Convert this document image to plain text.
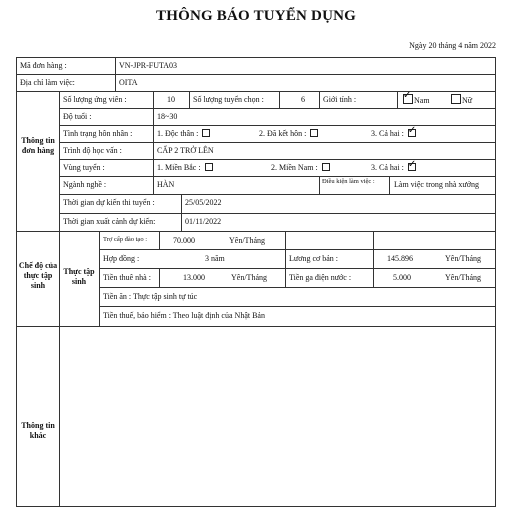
THÔNG BÁO TUYỂN DỤNG
Ngày 20 tháng 4 năm 2022
Mã đơn hàng :	VN-JPR-FUTA03
Địa chỉ làm việc:	OITA
Thông tin đơn hàng
Chế độ của thực tập sinh
Thực tập sinh
Thông tin khác
Số lượng ứng viên :	10 Số lượng tuyển chọn :	6 Giới tính :
✓	Nam	Nữ
Độ tuổi :	18~30
Tình trạng hôn nhân :	1. Độc thân :	2. Đã kết hôn :	3. Cả hai :✓
Trình độ học vấn :	CẤP 2 TRỞ LÊN
Vùng tuyển :	1. Miền Bắc :	2. Miền Nam :	3. Cả hai :✓
Ngành nghề :	HÀN	Điều kiện làm việc :	Làm việc trong nhà xưởng
Thời gian dự kiến thi tuyển :	25/05/2022
Thời gian xuất cảnh dự kiến:	01/11/2022
Trợ cấp đào tạo :	70.000	Yên/Tháng
Hợp đồng :	3 năm	Lương cơ bản :	145.896	Yên/Tháng
Tiền thuê nhà :	13.000	Yên/Tháng	Tiền ga điện nước :	5.000	Yên/Tháng
Tiền ăn : Thực tập sinh tự túc
Tiền thuế, bảo hiểm : Theo luật định của Nhật Bản
